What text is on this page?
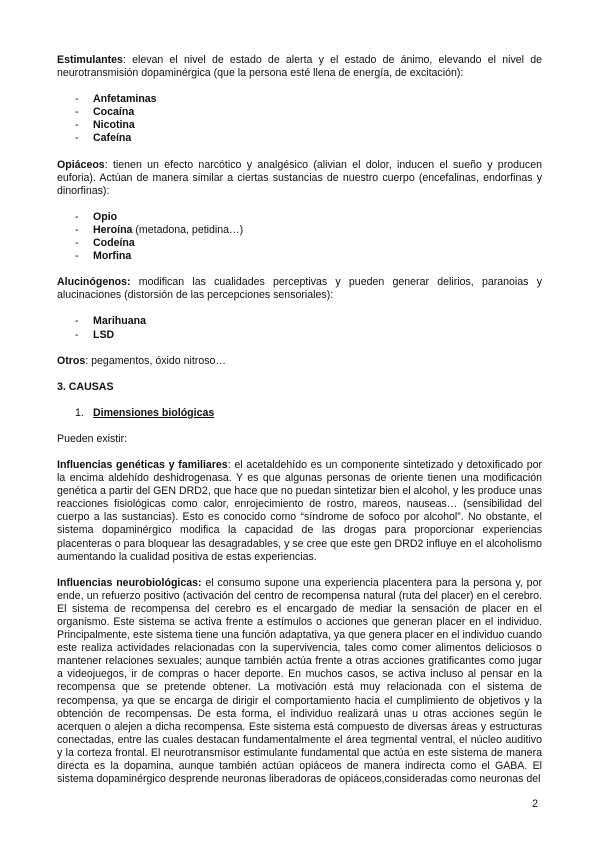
Estimulantes: elevan el nivel de estado de alerta y el estado de ánimo, elevando el nivel de neurotransmisión dopaminérgica (que la persona esté llena de energía, de excitación):

- Anfetaminas
- Cocaína
- Nicotina
- Cafeína

Opiáceos: tienen un efecto narcótico y analgésico (alivian el dolor, inducen el sueño y producen euforia). Actúan de manera similar a ciertas sustancias de nuestro cuerpo (encefalinas, endorfinas y dinorfinas):

- Opio
- Heroína (metadona, petidina…)
- Codeína
- Morfina

Alucinógenos: modifican las cualidades perceptivas y pueden generar delirios, paranoias y alucinaciones (distorsión de las percepciones sensoriales):

- Marihuana
- LSD

Otros: pegamentos, óxido nitroso…

3. CAUSAS

1. Dimensiones biológicas

Pueden existir:

Influencias genéticas y familiares: el acetaldehído es un componente sintetizado y detoxificado por la encima aldehído deshidrogenasa. Y es que algunas personas de oriente tienen una modificación genética a partir del GEN DRD2, que hace que no puedan sintetizar bien el alcohol, y les produce unas reacciones fisiológicas como calor, enrojecimiento de rostro, mareos, nauseas… (sensibilidad del cuerpo a las sustancias). Esto es conocido como “síndrome de sofoco por alcohol”. No obstante, el sistema dopaminérgico modifica la capacidad de las drogas para proporcionar experiencias placenteras o para bloquear las desagradables, y se cree que este gen DRD2 influye en el alcoholismo aumentando la cualidad positiva de estas experiencias.

Influencias neurobiológicas: el consumo supone una experiencia placentera para la persona y, por ende, un refuerzo positivo (activación del centro de recompensa natural (ruta del placer) en el cerebro. El sistema de recompensa del cerebro es el encargado de mediar la sensación de placer en el organismo. Este sistema se activa frente a estímulos o acciones que generan placer en el individuo. Principalmente, este sistema tiene una función adaptativa, ya que genera placer en el individuo cuando este realiza actividades relacionadas con la supervivencia, tales como comer alimentos deliciosos o mantener relaciones sexuales; aunque también actúa frente a otras acciones gratificantes como jugar a videojuegos, ir de compras o hacer deporte. En muchos casos, se activa incluso al pensar en la recompensa que se pretende obtener. La motivación está muy relacionada con el sistema de recompensa, ya que se encarga de dirigir el comportamiento hacia el cumplimiento de objetivos y la obtención de recompensas. De esta forma, el individuo realizará unas u otras acciones según le acerquen o alejen a dicha recompensa. Este sistema está compuesto de diversas áreas y estructuras conectadas, entre las cuales destacan fundamentalmente el área tegmental ventral, el núcleo auditivo y la corteza frontal. El neurotransmisor estimulante fundamental que actúa en este sistema de manera directa es la dopamina, aunque también actúan opiáceos de manera indirecta como el GABA. El sistema dopaminérgico desprende neuronas liberadoras de opiáceos,consideradas como neuronas del

2
